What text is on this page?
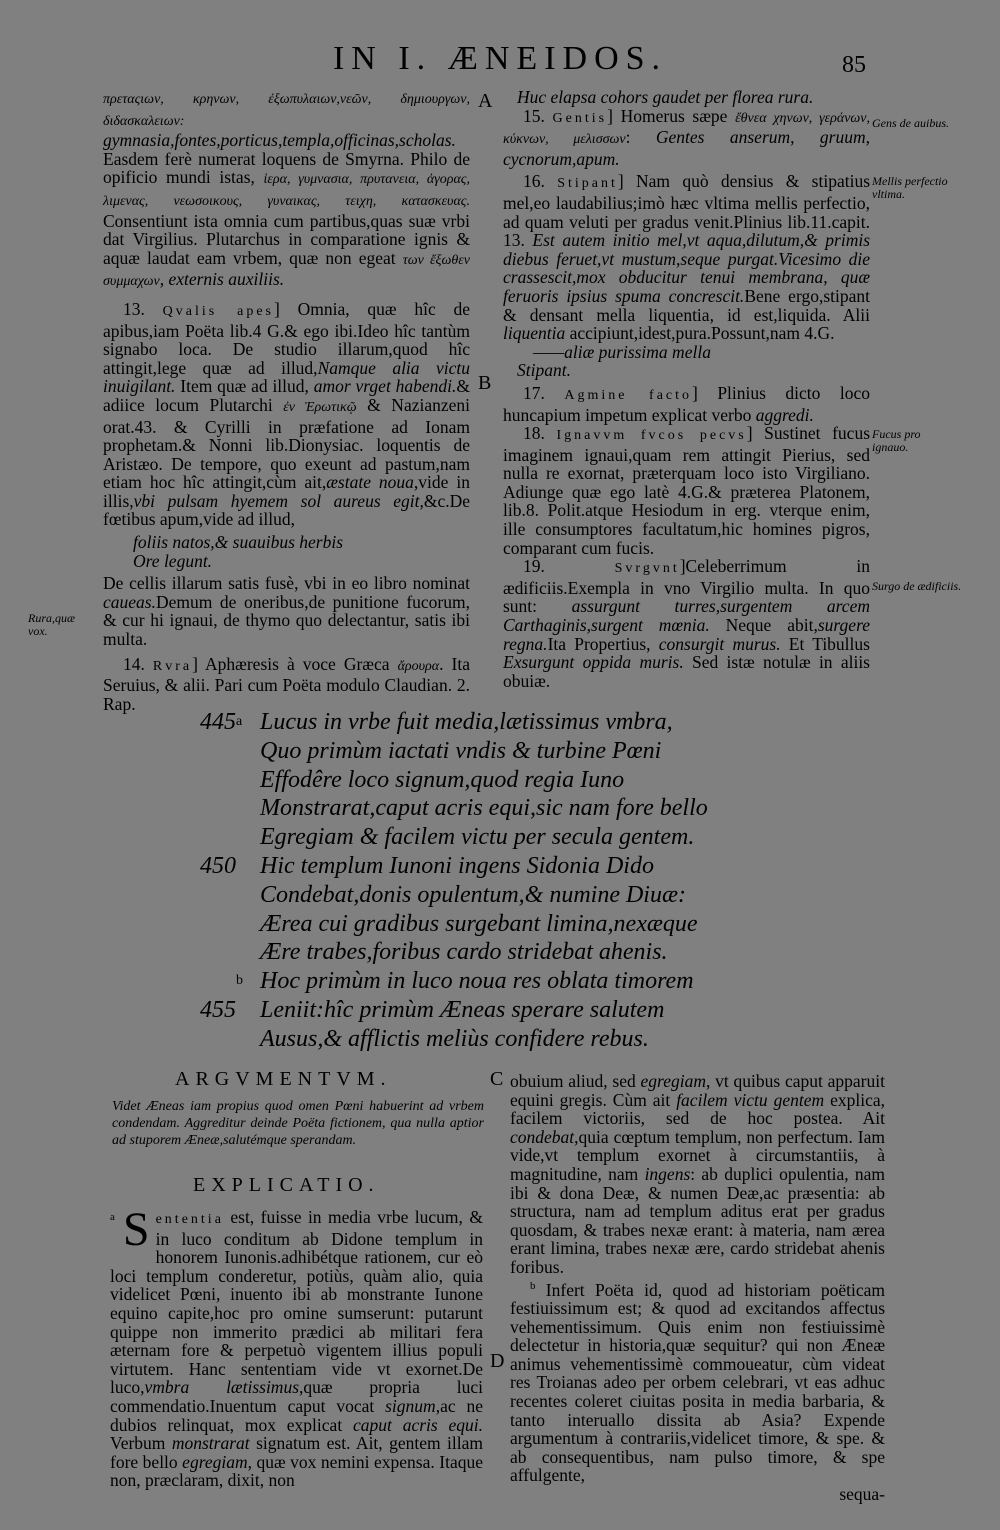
IN I. ÆNEIDOS.	85

πρεταςιων, κρηνων, ἐξωπυλαιων,νεῶν, δημιουργων, διδασκαλειων: gymnasia,fontes,porticus,templa,officinas,scholas. Easdem ferè numerat loquens de Smyrna. Philo de opificio mundi istas, ἱερα, γυμνασια, πρυτανεια, ἀγορας, λιμενας, νεωσοικους, γυναικας, τειχη, κατασκευας. Consentiunt ista omnia cum partibus,quas suæ vrbi dat Virgilius. Plutarchus in comparatione ignis & aquæ laudat eam vrbem, quæ non egeat των ἔξωθεν συμμαχων, externis auxiliis.

13. Qvalis apes] Omnia, quæ hîc de apibus,iam Poëta lib.4 G.& ego ibi.Ideo hîc tantùm signabo loca. De studio illarum,quod hîc attingit,lege quæ ad illud,Namque alia victu inuigilant. Item quæ ad illud, amor vrget habendi.& adiice locum Plutarchi ἐν Ἐρωτικῷ & Nazianzeni orat.43. & Cyrilli in præfatione ad Ionam prophetam.& Nonni lib.Dionysiac. loquentis de Aristæo. De tempore, quo exeunt ad pastum,nam etiam hoc hîc attingit,cùm ait,æstate noua,vide in illis,vbi pulsam hyemem sol aureus egit,&c.De fœtibus apum,vide ad illud,

foliis natos,& suauibus herbis

Ore legunt.

De cellis illarum satis fusè, vbi in eo libro nominat caueas.Demum de oneribus,de punitione fucorum, & cur hi ignaui, de thymo quo delectantur, satis ibi multa.

14. Rvra] Aphæresis à voce Græca ἄρουρα. Ita Seruius, & alii. Pari cum Poëta modulo Claudian. 2. Rap.

A
B

Huc elapsa cohors gaudet per florea rura.

15. Gentis] Homerus sæpe ἔθνεα χηνων, γεράνων, κύκνων, μελισσων: Gentes anserum, gruum, cycnorum,apum.

16. Stipant] Nam quò densius & stipatius mel,eo laudabilius;imò hæc vltima mellis perfectio, ad quam veluti per gradus venit.Plinius lib.11.capit. 13. Est autem initio mel,vt aqua,dilutum,& primis diebus feruet,vt mustum,seque purgat.Vicesimo die crassescit,mox obducitur tenui membrana, quæ feruoris ipsius spuma concrescit.Bene ergo,stipant & densant mella liquentia, id est,liquida. Alii liquentia accipiunt,idest,pura.Possunt,nam 4.G.

——aliæ purissima mella

Stipant.

17. Agmine facto] Plinius dicto loco huncapium impetum explicat verbo aggredi.

18. Ignavvm fvcos pecvs] Sustinet fucus imaginem ignaui,quam rem attingit Pierius, sed nulla re exornat, præterquam loco isto Virgiliano. Adiunge quæ ego latè 4.G.& præterea Platonem, lib.8. Polit.atque Hesiodum in erg. vterque enim, ille consumptores facultatum,hic homines pigros, comparant cum fucis.

19. Svrgvnt]Celeberrimum in ædificiis.Exempla in vno Virgilio multa. In quo sunt: assurgunt turres,surgentem arcem Carthaginis,surgent mœnia. Neque abit,surgere regna.Ita Propertius, consurgit murus. Et Tibullus Exsurgunt oppida muris. Sed istæ notulæ in aliis obuiæ.

Rura,quæ vox.
Gens de auibus.
Mellis perfectio vltima.
Fucus pro ignauo.
Surgo de ædificiis.
445 a Lucus in vrbe fuit media,lætissimus vmbra,
Quo primùm iactati vndis & turbine Pœni
Effodêre loco signum,quod regia Iuno
Monstrarat,caput acris equi,sic nam fore bello
Egregiam & facilem victu per secula gentem.
450 Hic templum Iunoni ingens Sidonia Dido
Condebat,donis opulentum,& numine Diuæ:
Ærea cui gradibus surgebant limina,nexæque
Ære trabes,foribus cardo stridebat ahenis.
b Hoc primùm in luco noua res oblata timorem
455 Leniit:hîc primùm Æneas sperare salutem
Ausus,& afflictis meliùs confidere rebus.
ARGVMENTVM.
Videt Æneas iam propius quod omen Pœni habuerint ad vrbem condendam. Aggreditur deinde Poëta fictionem, qua nulla aptior ad stuporem Æneæ,salutémque sperandam.
EXPLICATIO.
$^a$ S ententia est, fuisse in media vrbe lucum, & in luco conditum ab Didone templum in honorem Iunonis.adhibétque rationem, cur eò loci templum conderetur, potiùs, quàm alio, quia videlicet Pœni, inuento ibi ab monstrante Iunone equino capite,hoc pro omine sumserunt: putarunt quippe non immerito prædici ab militari fera æternam fore & perpetuò vigentem illius populi virtutem. Hanc sententiam vide vt exornet.De luco,vmbra lætissimus,quæ propria luci commendatio.Inuentum caput vocat signum,ac ne dubios relinquat, mox explicat caput acris equi. Verbum monstrarat signatum est. Ait, gentem illam fore bello egregiam, quæ vox nemini expensa. Itaque non, præclaram, dixit, non
C
D

obuium aliud, sed egregiam, vt quibus caput apparuit equini gregis. Cùm ait facilem victu gentem explica, facilem victoriis, sed de hoc postea. Ait condebat,quia cœptum templum, non perfectum. Iam vide,vt templum exornet à circumstantiis, à magnitudine, nam ingens: ab duplici opulentia, nam ibi & dona Deæ, & numen Deæ,ac præsentia: ab structura, nam ad templum aditus erat per gradus quosdam, & trabes nexæ erant: à materia, nam ærea erant limina, trabes nexæ ære, cardo stridebat ahenis foribus.

$^b$ Infert Poëta id, quod ad historiam poëticam festiuissimum est; & quod ad excitandos affectus vehementissimum. Quis enim non festiuissimè delectetur in historia,quæ sequitur? qui non Æneæ animus vehementissimè commoueatur, cùm videat res Troianas adeo per orbem celebrari, vt eas adhuc recentes coleret ciuitas posita in media barbaria, & tanto interuallo dissita ab Asia? Expende argumentum à contrariis,videlicet timore, & spe. & ab consequentibus, nam pulso timore, & spe affulgente,

sequa-
